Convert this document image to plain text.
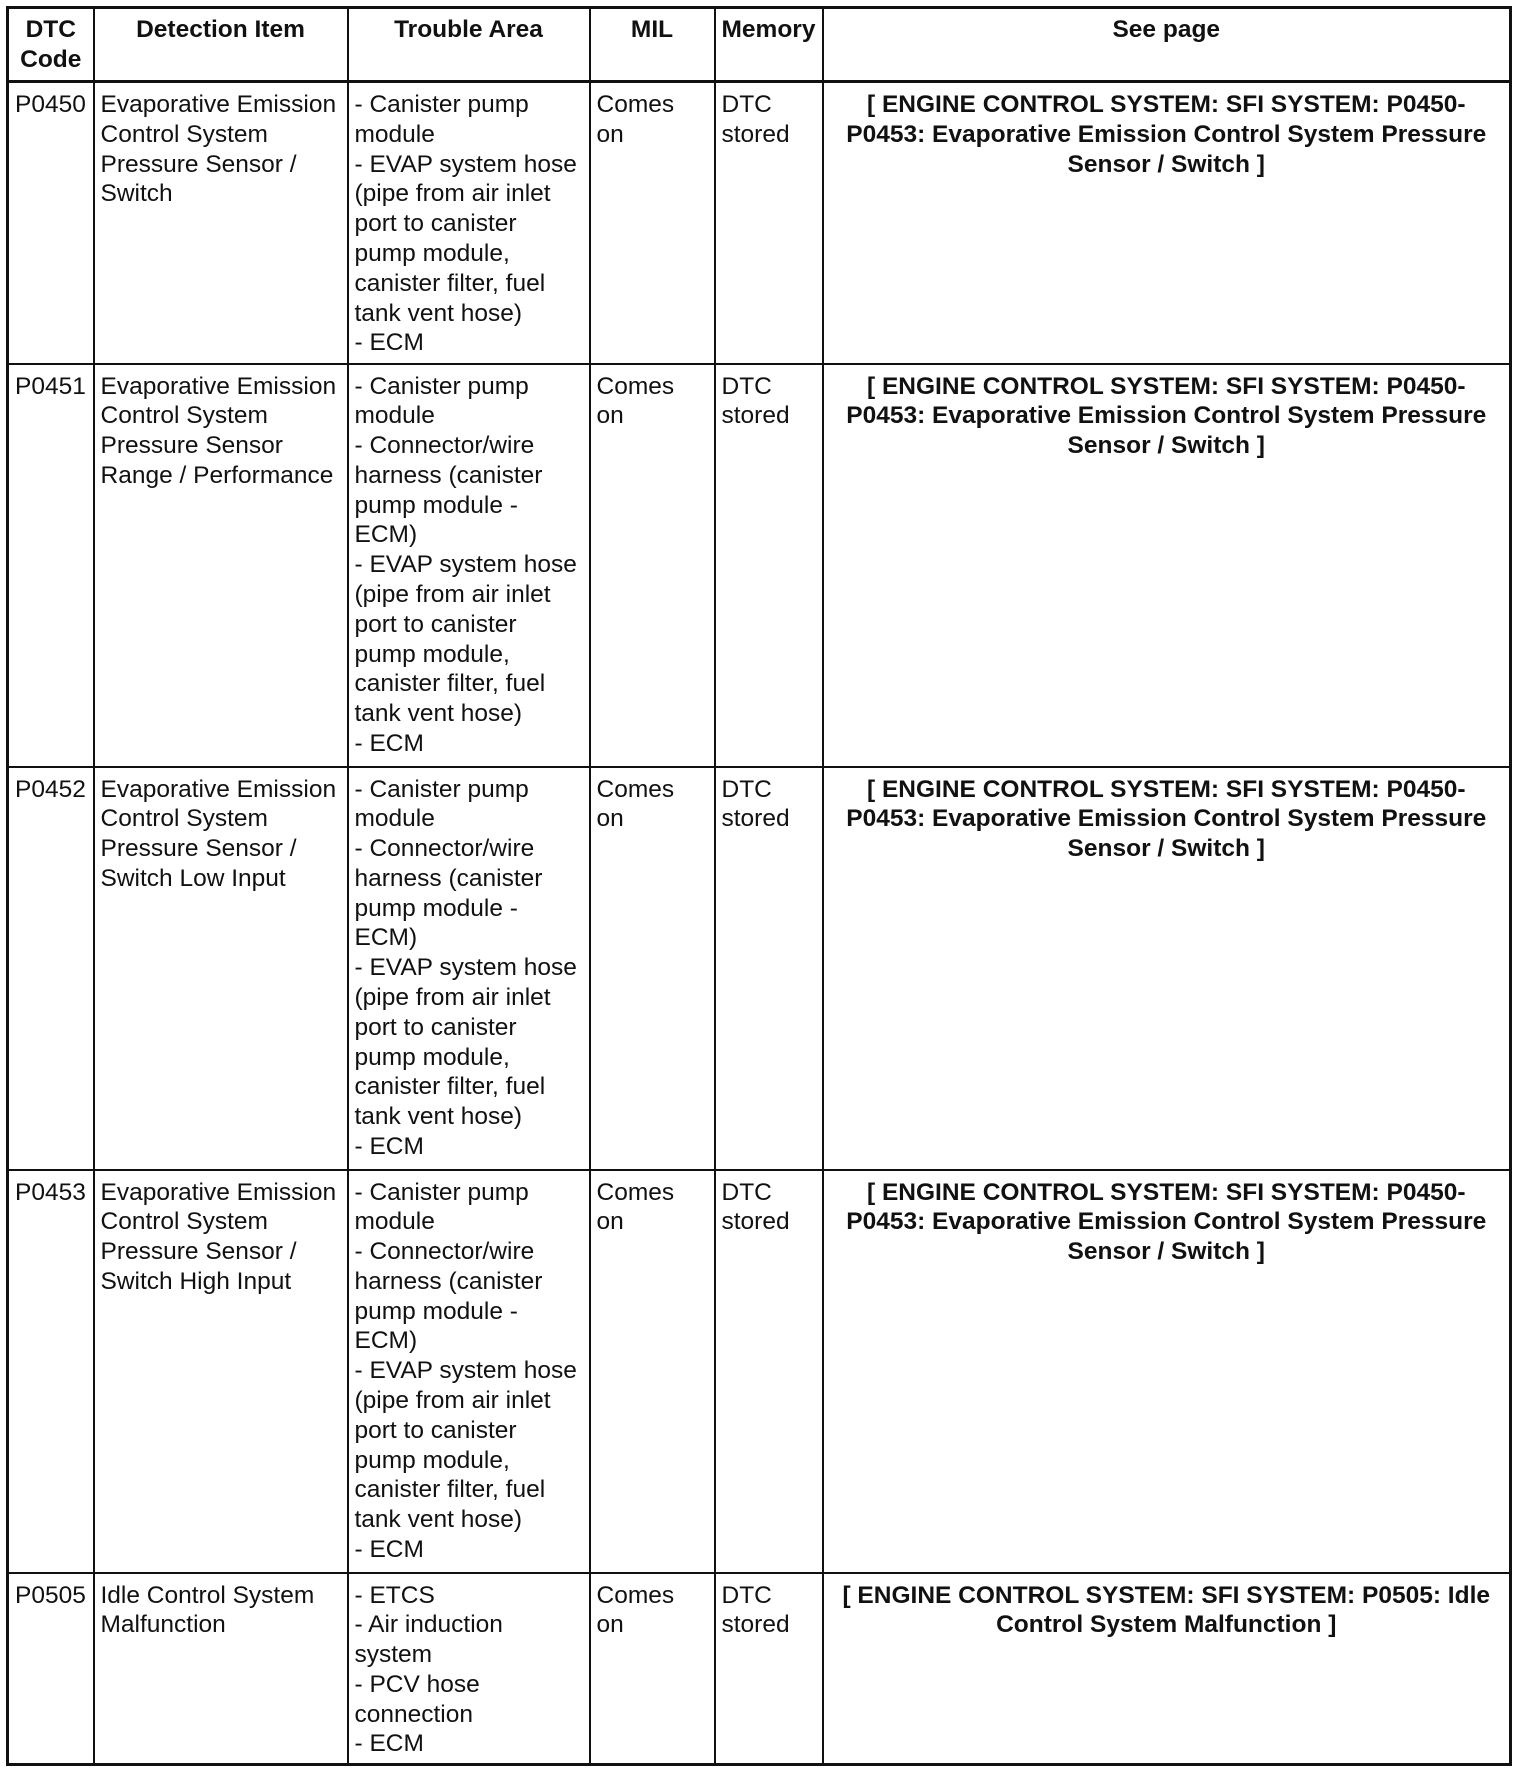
DTC Code	Detection Item	Trouble Area	MIL	Memory	See page
P0450	Evaporative Emission Control System Pressure Sensor / Switch	- Canister pump module
- EVAP system hose (pipe from air inlet port to canister pump module, canister filter, fuel tank vent hose)
- ECM	Comes on	DTC stored	[ ENGINE CONTROL SYSTEM: SFI SYSTEM: P0450-P0453: Evaporative Emission Control System Pressure Sensor / Switch ]
P0451	Evaporative Emission Control System Pressure Sensor Range / Performance	- Canister pump module
- Connector/wire harness (canister pump module - ECM)
- EVAP system hose (pipe from air inlet port to canister pump module, canister filter, fuel tank vent hose)
- ECM	Comes on	DTC stored	[ ENGINE CONTROL SYSTEM: SFI SYSTEM: P0450-P0453: Evaporative Emission Control System Pressure Sensor / Switch ]
P0452	Evaporative Emission Control System Pressure Sensor / Switch Low Input	- Canister pump module
- Connector/wire harness (canister pump module - ECM)
- EVAP system hose (pipe from air inlet port to canister pump module, canister filter, fuel tank vent hose)
- ECM	Comes on	DTC stored	[ ENGINE CONTROL SYSTEM: SFI SYSTEM: P0450-P0453: Evaporative Emission Control System Pressure Sensor / Switch ]
P0453	Evaporative Emission Control System Pressure Sensor / Switch High Input	- Canister pump module
- Connector/wire harness (canister pump module - ECM)
- EVAP system hose (pipe from air inlet port to canister pump module, canister filter, fuel tank vent hose)
- ECM	Comes on	DTC stored	[ ENGINE CONTROL SYSTEM: SFI SYSTEM: P0450-P0453: Evaporative Emission Control System Pressure Sensor / Switch ]
P0505	Idle Control System Malfunction	- ETCS
- Air induction system
- PCV hose connection
- ECM	Comes on	DTC stored	[ ENGINE CONTROL SYSTEM: SFI SYSTEM: P0505: Idle Control System Malfunction ]
